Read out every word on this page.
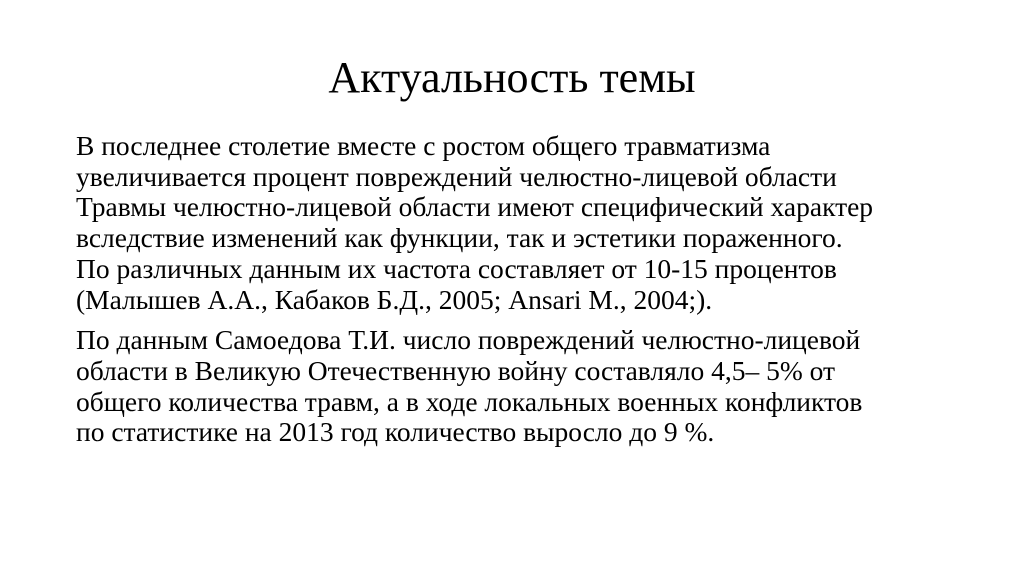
Актуальность темы

В последнее столетие вместе с ростом общего травматизма
увеличивается процент повреждений челюстно-лицевой области
Травмы челюстно-лицевой области имеют специфический характер
вследствие изменений как функции, так и эстетики пораженного.
По различных данным их частота составляет от 10-15 процентов
(Малышев А.А., Кабаков Б.Д., 2005; Ansari M., 2004;).

По данным Самоедова Т.И. число повреждений челюстно-лицевой
области в Великую Отечественную войну составляло 4,5– 5% от
общего количества травм, а в ходе локальных военных конфликтов
по статистике на 2013 год количество выросло до 9 %.
